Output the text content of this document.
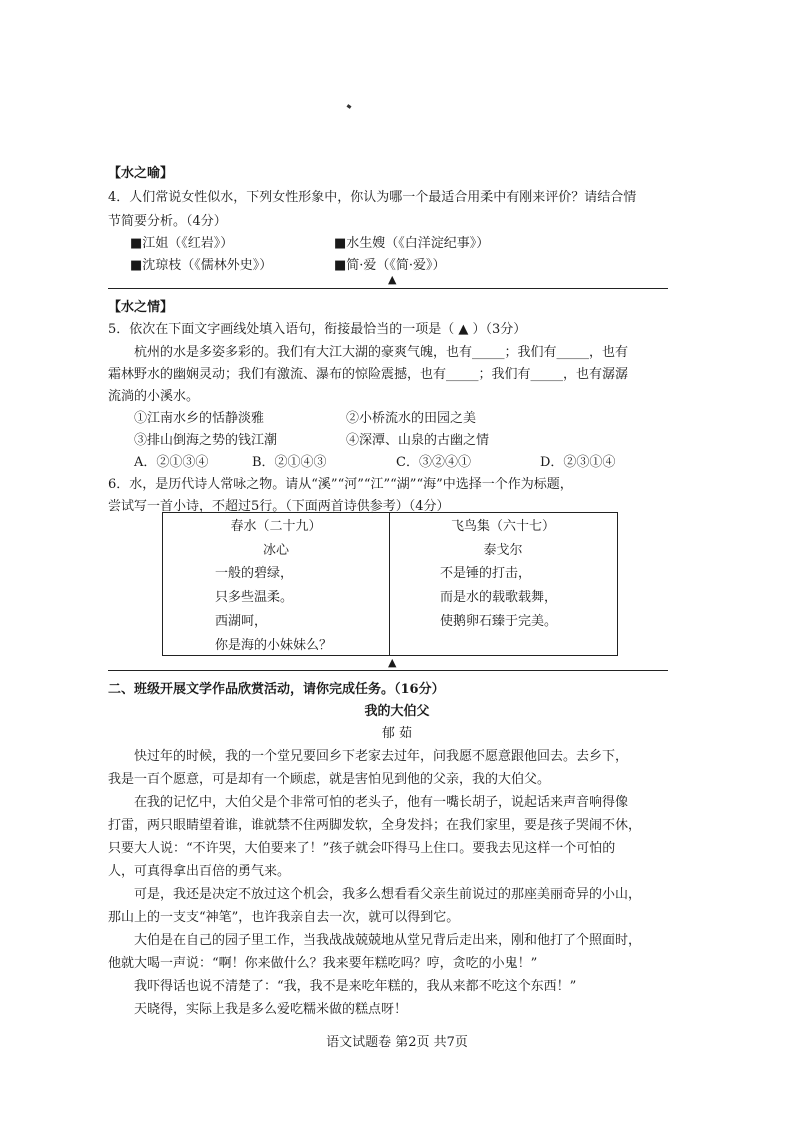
【水之喻】
4．人们常说女性似水，下列女性形象中，你认为哪一个最适合用柔中有刚来评价？请结合情
节简要分析。（4分）
■江姐（《红岩》）	■水生嫂（《白洋淀纪事》）
■沈琼枝（《儒林外史》）	■简·爱（《简·爱》）
▲
【水之情】
5．依次在下面文字画线处填入语句，衔接最恰当的一项是（ ▲ ）（3分）
杭州的水是多姿多彩的。我们有大江大湖的豪爽气魄，也有_____；我们有_____，也有
霜林野水的幽娴灵动；我们有激流、瀑布的惊险震撼，也有_____；我们有_____，也有潺潺
流淌的小溪水。
①江南水乡的恬静淡雅	②小桥流水的田园之美
③排山倒海之势的钱江潮	④深潭、山泉的古幽之情
A．②①③④	B．②①④③	C．③②④①	D．②③①④
6．水，是历代诗人常咏之物。请从“溪”“河”“江”“湖”“海”中选择一个作为标题，
尝试写一首小诗，不超过5行。（下面两首诗供参考）（4分）
春水（二十九）
冰心
一般的碧绿，
只多些温柔。
西湖呵，
你是海的小妹妹么？
飞鸟集（六十七）
泰戈尔
不是锤的打击，
而是水的载歌载舞，
使鹅卵石臻于完美。
▲
二、班级开展文学作品欣赏活动，请你完成任务。（16分）
我的大伯父
郁 茹
快过年的时候，我的一个堂兄要回乡下老家去过年，问我愿不愿意跟他回去。去乡下，
我是一百个愿意，可是却有一个顾虑，就是害怕见到他的父亲，我的大伯父。
在我的记忆中，大伯父是个非常可怕的老头子，他有一嘴长胡子，说起话来声音响得像
打雷，两只眼睛望着谁，谁就禁不住两脚发软，全身发抖；在我们家里，要是孩子哭闹不休，
只要大人说：“不许哭，大伯要来了！”孩子就会吓得马上住口。要我去见这样一个可怕的
人，可真得拿出百倍的勇气来。
可是，我还是决定不放过这个机会，我多么想看看父亲生前说过的那座美丽奇异的小山，
那山上的一支支“神笔”，也许我亲自去一次，就可以得到它。
大伯是在自己的园子里工作，当我战战兢兢地从堂兄背后走出来，刚和他打了个照面时，
他就大喝一声说：“啊！你来做什么？我来要年糕吃吗？哼，贪吃的小鬼！”
我吓得话也说不清楚了：“我，我不是来吃年糕的，我从来都不吃这个东西！”
天晓得，实际上我是多么爱吃糯米做的糕点呀！

语文试题卷 第2页 共7页
